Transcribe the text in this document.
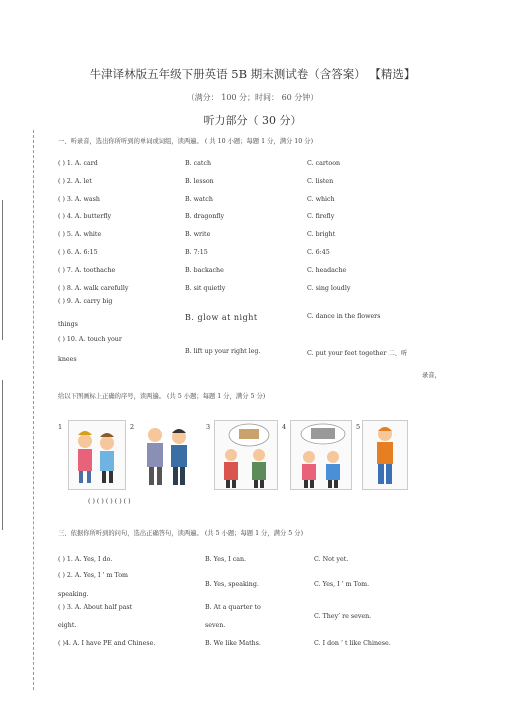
牛津译林版五年级下册英语 5B 期末测试卷（含答案） 【精选】
（满分： 100 分；时间： 60 分钟）
听力部分（ 30 分）
一、听录音，选出你所听到的单词或词组，读两遍。 ( 共 10 小题；每题 1 分，满分 10 分)
( ) 1. A. card	B. catch	C. cartoon
( ) 2. A. let	B. lesson	C. listen
( ) 3. A. wash	B. watch	C. which
( ) 4. A. butterfly	B. dragonfly	C. firefly
( ) 5. A. white	B. write	C. bright
( ) 6. A. 6:15	B. 7:15	C. 6:45
( ) 7. A. toothache	B. backache	C. headache
( ) 8. A. walk carefully	B. sit quietly	C. sing loudly
( ) 9. A. carry big
things
B. glow at night	C. dance in the flowers
( ) 10. A. touch your
knees
B. lift up your right leg.	C. put your feet together 二、听
录音，
给以下图画标上正确的序号，读两遍。 (共 5 小题；每题 1 分，满分 5 分)
1	2	3	4	5
( ) ( ) ( ) ( ) ( )
三、依据你所听到的问句，选出正确答句，读两遍。 (共 5 小题；每题 1 分，满分 5 分)
( ) 1. A. Yes, I do.	B. Yes, I can.	C. Not yet.
( ) 2. A. Yes, I ’ m Tom
speaking.
B. Yes, speaking.	C. Yes, I ’ m Tom.
( ) 3. A. About half past
eight.
B. At a quarter to
seven.
C. They’ re seven.
( )4. A. I have PE and Chinese.	B. We like Maths.	C. I don ’ t like Chinese.
